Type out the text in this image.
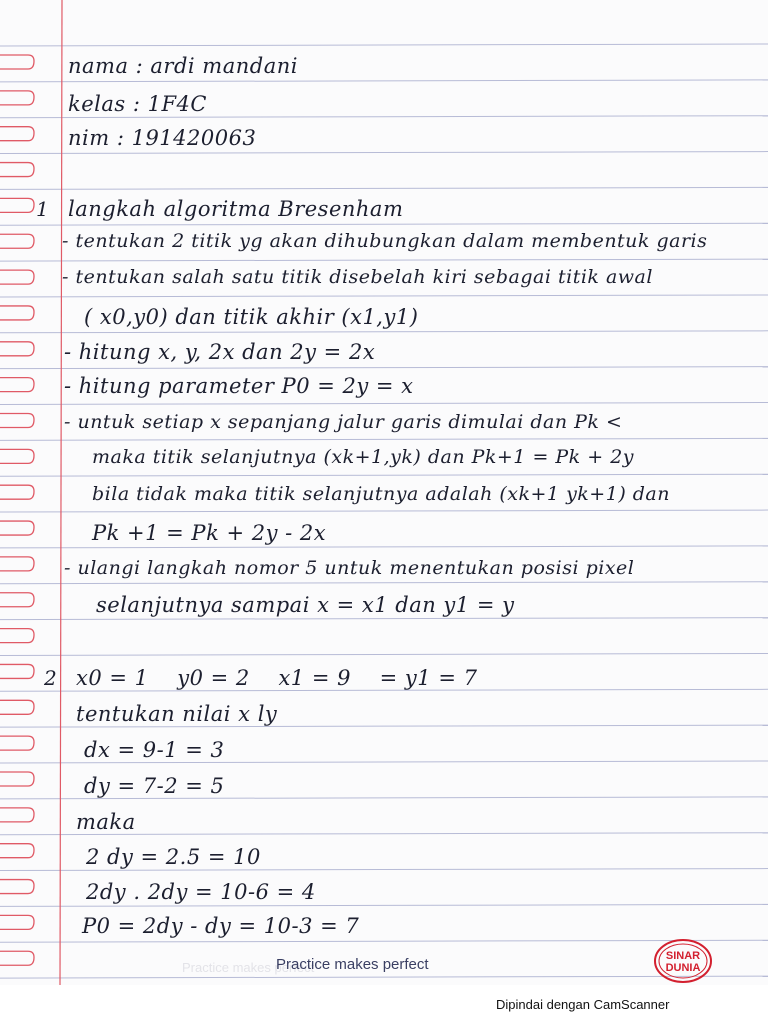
nama : ardi mandani
kelas : 1F4C
nim : 191420063
1 langkah algoritma Bresenham
- tentukan 2 titik yg akan dihubungkan dalam membentuk garis
- tentukan salah satu titik disebelah kiri sebagai titik awal
( x0,y0) dan titik akhir (x1,y1)
- hitung x, y, 2x dan 2y = 2x
- hitung parameter P0 = 2y = x
- untuk setiap x sepanjang jalur garis dimulai dan Pk <
maka titik selanjutnya (xk+1,yk) dan Pk+1 = Pk + 2y
bila tidak maka titik selanjutnya adalah (xk+1 yk+1) dan
Pk +1 = Pk + 2y - 2x
- ulangi langkah nomor 5 untuk menentukan posisi pixel
selanjutnya sampai x = x1 dan y1 = y
2 x0 = 1    y0 = 2    x1 = 9    = y1 = 7
tentukan nilai x ly
dx = 9-1 = 3
dy = 7-2 = 5
maka
2 dy = 2.5 = 10
2dy . 2dy = 10-6 = 4
P0 = 2dy - dy = 10-3 = 7
Practice makes perfect
Practice makes perfect	SINAR
DUNIA
Dipindai dengan CamScanner
